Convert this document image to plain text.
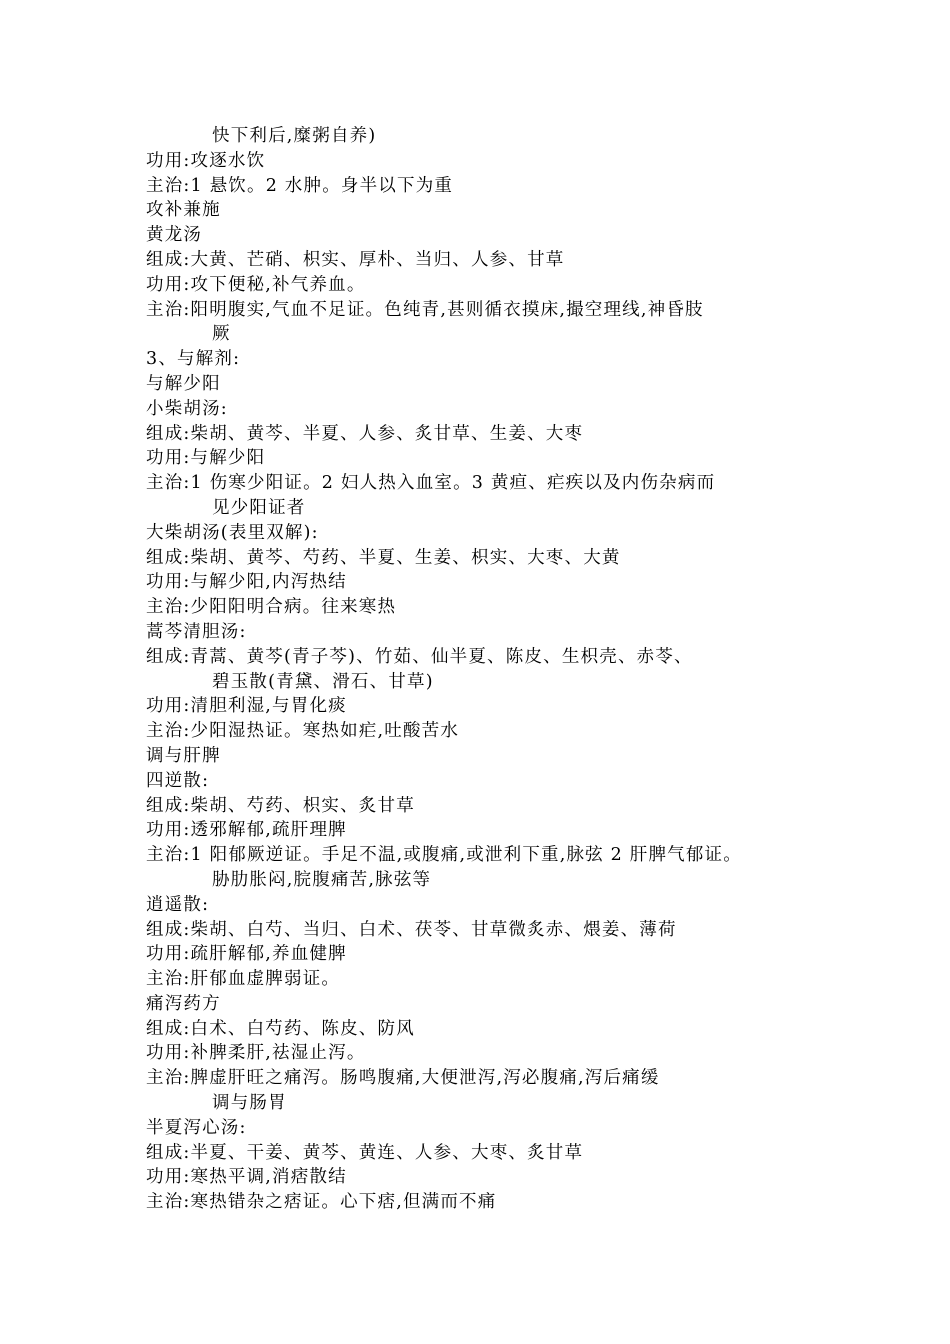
快下利后,糜粥自养)
功用:攻逐水饮
主治:1 悬饮。2 水肿。身半以下为重
攻补兼施
黄龙汤
组成:大黄、芒硝、枳实、厚朴、当归、人参、甘草
功用:攻下便秘,补气养血。
主治:阳明腹实,气血不足证。色纯青,甚则循衣摸床,撮空理线,神昏肢
厥
3、与解剂:
与解少阳
小柴胡汤:
组成:柴胡、黄芩、半夏、人参、炙甘草、生姜、大枣
功用:与解少阳
主治:1 伤寒少阳证。2 妇人热入血室。3 黄疸、疟疾以及内伤杂病而
见少阳证者
大柴胡汤(表里双解):
组成:柴胡、黄芩、芍药、半夏、生姜、枳实、大枣、大黄
功用:与解少阳,内泻热结
主治:少阳阳明合病。往来寒热
蒿芩清胆汤:
组成:青蒿、黄芩(青子芩)、竹茹、仙半夏、陈皮、生枳壳、赤苓、
碧玉散(青黛、滑石、甘草)
功用:清胆利湿,与胃化痰
主治:少阳湿热证。寒热如疟,吐酸苦水
调与肝脾
四逆散:
组成:柴胡、芍药、枳实、炙甘草
功用:透邪解郁,疏肝理脾
主治:1 阳郁厥逆证。手足不温,或腹痛,或泄利下重,脉弦 2 肝脾气郁证。
胁肋胀闷,脘腹痛苦,脉弦等
逍遥散:
组成:柴胡、白芍、当归、白术、茯苓、甘草微炙赤、煨姜、薄荷
功用:疏肝解郁,养血健脾
主治:肝郁血虚脾弱证。
痛泻药方
组成:白术、白芍药、陈皮、防风
功用:补脾柔肝,祛湿止泻。
主治:脾虚肝旺之痛泻。肠鸣腹痛,大便泄泻,泻必腹痛,泻后痛缓
调与肠胃
半夏泻心汤:
组成:半夏、干姜、黄芩、黄连、人参、大枣、炙甘草
功用:寒热平调,消痞散结
主治:寒热错杂之痞证。心下痞,但满而不痛
